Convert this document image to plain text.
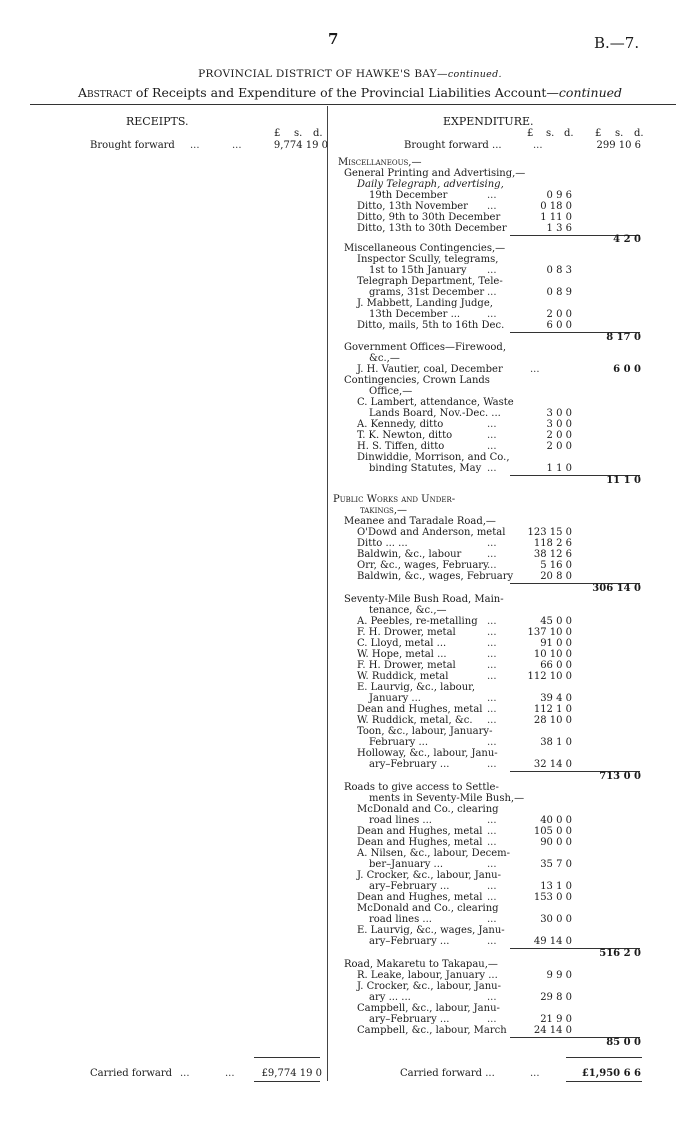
7	B.—7.
PROVINCIAL DISTRICT OF HAWKE'S BAY—continued.
Abstract of Receipts and Expenditure of the Provincial Liabilities Account—continued
RECEIPTS.
£ s. d.
Brought forward ...	...	9,774 19 0
Carried forward ...	...	£9,774 19 0
EXPENDITURE.
£ s. d. £ s. d.
Brought forward ...	...	299 10 6
Miscellaneous,—
General Printing and Advertising,—
Daily Telegraph, advertising,
19th December	...	0 9 6
Ditto, 13th November ...	0 18 0
Ditto, 9th to 30th December	1 11 0
Ditto, 13th to 30th December	1 3 6
4 2 0
Miscellaneous Contingencies,—
Inspector Scully, telegrams,
1st to 15th January ...	0 8 3
Telegraph Department, Tele-
grams, 31st December ...	0 8 9
J. Mabbett, Landing Judge,
13th December ...	...	2 0 0
Ditto, mails, 5th to 16th Dec.	6 0 0
8 17 0
Government Offices—Firewood,
&c.,—
J. H. Vautier, coal, December	...	6 0 0
Contingencies, Crown Lands
Office,—
C. Lambert, attendance, Waste
Lands Board, Nov.-Dec. ...	3 0 0
A. Kennedy, ditto	...	3 0 0
T. K. Newton, ditto	...	2 0 0
H. S. Tiffen, ditto	...	2 0 0
Dinwiddie, Morrison, and Co.,
binding Statutes, May ...	1 1 0
11 1 0
Public Works and Under-
takings,—
Meanee and Taradale Road,—
O'Dowd and Anderson, metal 123 15 0
Ditto ... ...	...	118 2 6
Baldwin, &c., labour	...	38 12 6
Orr, &c., wages, February
...	5 16 0
Baldwin, &c., wages, February	20 8 0
306 14 0
Seventy-Mile Bush Road, Main-
tenance, &c.,—
A. Peebles, re-metalling ...	45 0 0
F. H. Drower, metal	...	137 10 0
C. Lloyd, metal ...	...	91 0 0
W. Hope, metal ...	...	10 10 0
F. H. Drower, metal	...	66 0 0
W. Ruddick, metal	...	112 10 0
E. Laurvig, &c., labour,
January ...	...	39 4 0
Dean and Hughes, metal ...	112 1 0
W. Ruddick, metal, &c. ...	28 10 0
Toon, &c., labour, January-
February ...	...	38 1 0
Holloway, &c., labour, Janu-
ary–February ...	...	32 14 0
713 0 0
Roads to give access to Settle-
ments in Seventy-Mile Bush,—
McDonald and Co., clearing
road lines ...	...	40 0 0
Dean and Hughes, metal ...	105 0 0
Dean and Hughes, metal ...	90 0 0
A. Nilsen, &c., labour, Decem-
ber–January ...	...	35 7 0
J. Crocker, &c., labour, Janu-
ary–February ...	...	13 1 0
Dean and Hughes, metal ...	153 0 0
McDonald and Co., clearing
road lines ...	...	30 0 0
E. Laurvig, &c., wages, Janu-
ary–February ...	...	49 14 0
516 2 0
Road, Makaretu to Takapau,—
R. Leake, labour, January ...	9 9 0
J. Crocker, &c., labour, Janu-
ary ... ...	...	29 8 0
Campbell, &c., labour, Janu-
ary–February ...	...	21 9 0
Campbell, &c., labour, March	24 14 0
85 0 0
Carried forward ...	...	£1,950 6 6
